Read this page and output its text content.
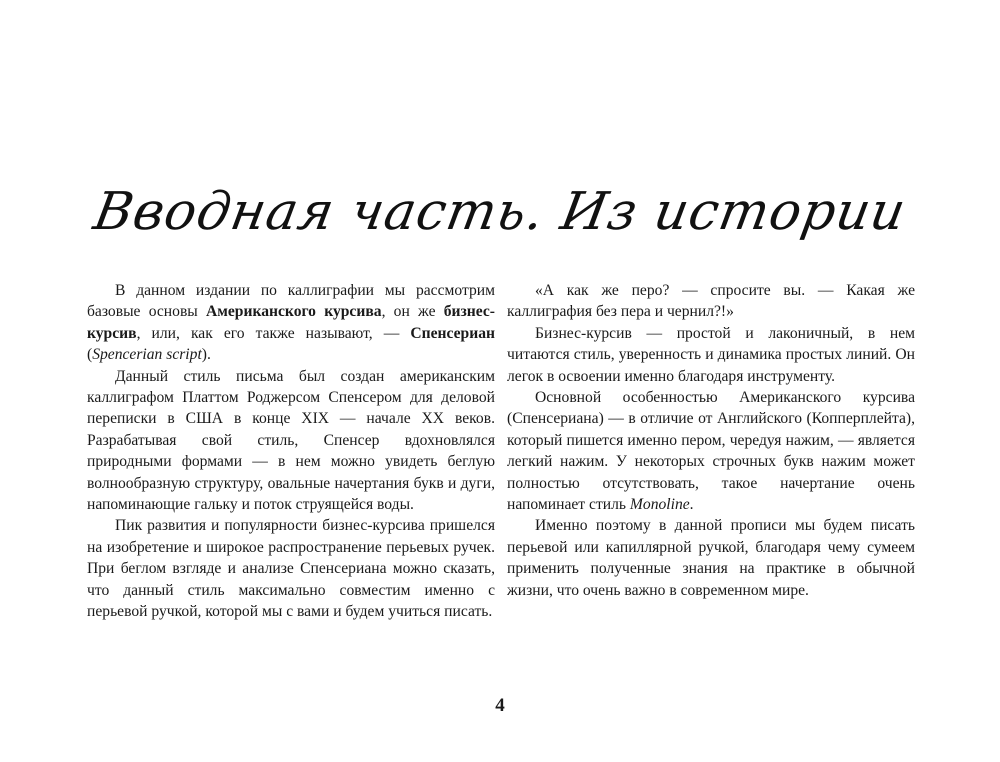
Вводная часть. Из истории

В данном издании по каллиграфии мы рассмотрим базовые основы Американского курсива, он же бизнес-курсив, или, как его также называют, — Спенсериан (Spencerian script).

Данный стиль письма был создан американским каллиграфом Платтом Роджерсом Спенсером для деловой переписки в США в конце XIX — начале XX веков. Разрабатывая свой стиль, Спенсер вдохновлялся природными формами — в нем можно увидеть беглую волнообразную структуру, овальные начертания букв и дуги, напоминающие гальку и поток струящейся воды.

Пик развития и популярности бизнес-курсива пришелся на изобретение и широкое распространение перьевых ручек. При беглом взгляде и анализе Спенсериана можно сказать, что данный стиль максимально совместим именно с перьевой ручкой, которой мы с вами и будем учиться писать.

«А как же перо? — спросите вы. — Какая же каллиграфия без пера и чернил?!»

Бизнес-курсив — простой и лаконичный, в нем читаются стиль, уверенность и динамика простых линий. Он легок в освоении именно благодаря инструменту.

Основной особенностью Американского курсива (Спенсериана) — в отличие от Английского (Копперплейта), который пишется именно пером, чередуя нажим, — является легкий нажим. У некоторых строчных букв нажим может полностью отсутствовать, такое начертание очень напоминает стиль Monoline.

Именно поэтому в данной прописи мы будем писать перьевой или капиллярной ручкой, благодаря чему сумеем применить полученные знания на практике в обычной жизни, что очень важно в современном мире.

4
